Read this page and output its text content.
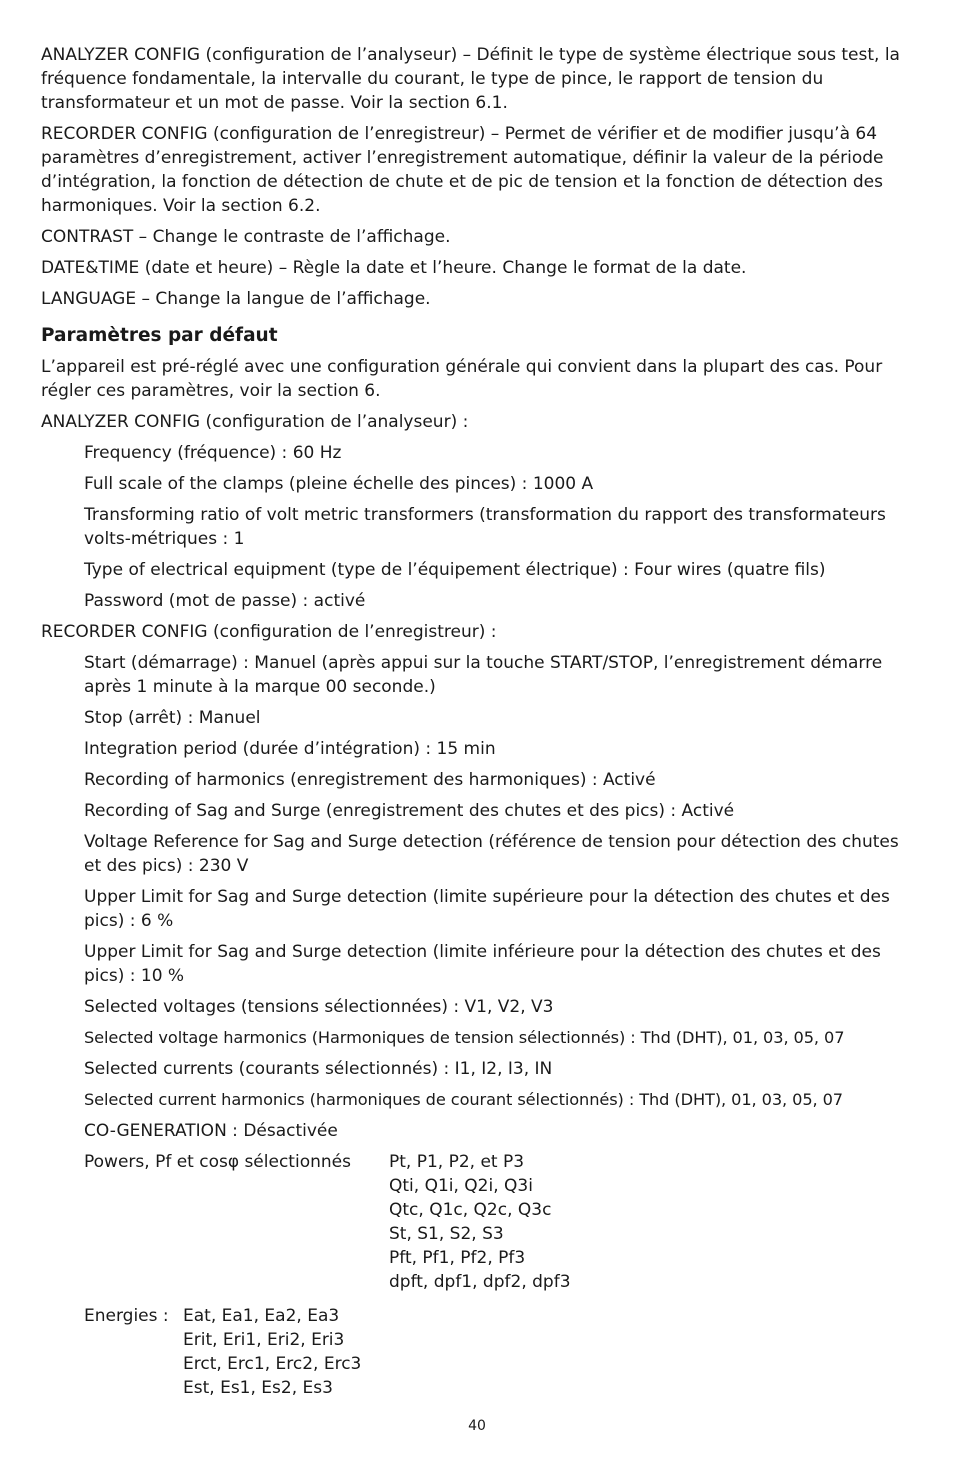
ANALYZER CONFIG (configuration de l’analyseur) – Définit le type de système électrique sous test, la fréquence fondamentale, la intervalle du courant, le type de pince, le rapport de tension du transformateur et un mot de passe. Voir la section 6.1.

RECORDER CONFIG (configuration de l’enregistreur) – Permet de vérifier et de modifier jusqu’à 64 paramètres d’enregistrement, activer l’enregistrement automatique, définir la valeur de la période d’intégration, la fonction de détection de chute et de pic de tension et la fonction de détection des harmoniques. Voir la section 6.2.

CONTRAST – Change le contraste de l’affichage.

DATE&TIME (date et heure) – Règle la date et l’heure. Change le format de la date.

LANGUAGE – Change la langue de l’affichage.

Paramètres par défaut

L’appareil est pré-réglé avec une configuration générale qui convient dans la plupart des cas. Pour régler ces paramètres, voir la section 6.

ANALYZER CONFIG (configuration de l’analyseur) :

Frequency (fréquence) : 60 Hz

Full scale of the clamps (pleine échelle des pinces) : 1000 A

Transforming ratio of volt metric transformers (transformation du rapport des transformateurs volts-métriques : 1

Type of electrical equipment (type de l’équipement électrique) : Four wires (quatre fils)

Password (mot de passe) : activé

RECORDER CONFIG (configuration de l’enregistreur) :

Start (démarrage) : Manuel (après appui sur la touche START/STOP, l’enregistrement démarre après 1 minute à la marque 00 seconde.)

Stop (arrêt) : Manuel

Integration period (durée d’intégration) : 15 min

Recording of harmonics (enregistrement des harmoniques) : Activé

Recording of Sag and Surge (enregistrement des chutes et des pics) : Activé

Voltage Reference for Sag and Surge detection (référence de tension pour détection des chutes et des pics) : 230 V

Upper Limit for Sag and Surge detection (limite supérieure pour la détection des chutes et des pics) : 6 %

Upper Limit for Sag and Surge detection (limite inférieure pour la détection des chutes et des pics) : 10 %

Selected voltages (tensions sélectionnées) : V1, V2, V3

Selected voltage harmonics (Harmoniques de tension sélectionnés) : Thd (DHT), 01, 03, 05, 07

Selected currents (courants sélectionnés) : I1, I2, I3, IN

Selected current harmonics (harmoniques de courant sélectionnés) : Thd (DHT), 01, 03, 05, 07

CO-GENERATION : Désactivée

Powers, Pf et cosφ sélectionnés	Pt, P1, P2, et P3

Qti, Q1i, Q2i, Q3i

Qtc, Q1c, Q2c, Q3c

St, S1, S2, S3

Pft, Pf1, Pf2, Pf3

dpft, dpf1, dpf2, dpf3

Energies : Eat, Ea1, Ea2, Ea3

Erit, Eri1, Eri2, Eri3

Erct, Erc1, Erc2, Erc3

Est, Es1, Es2, Es3

40
